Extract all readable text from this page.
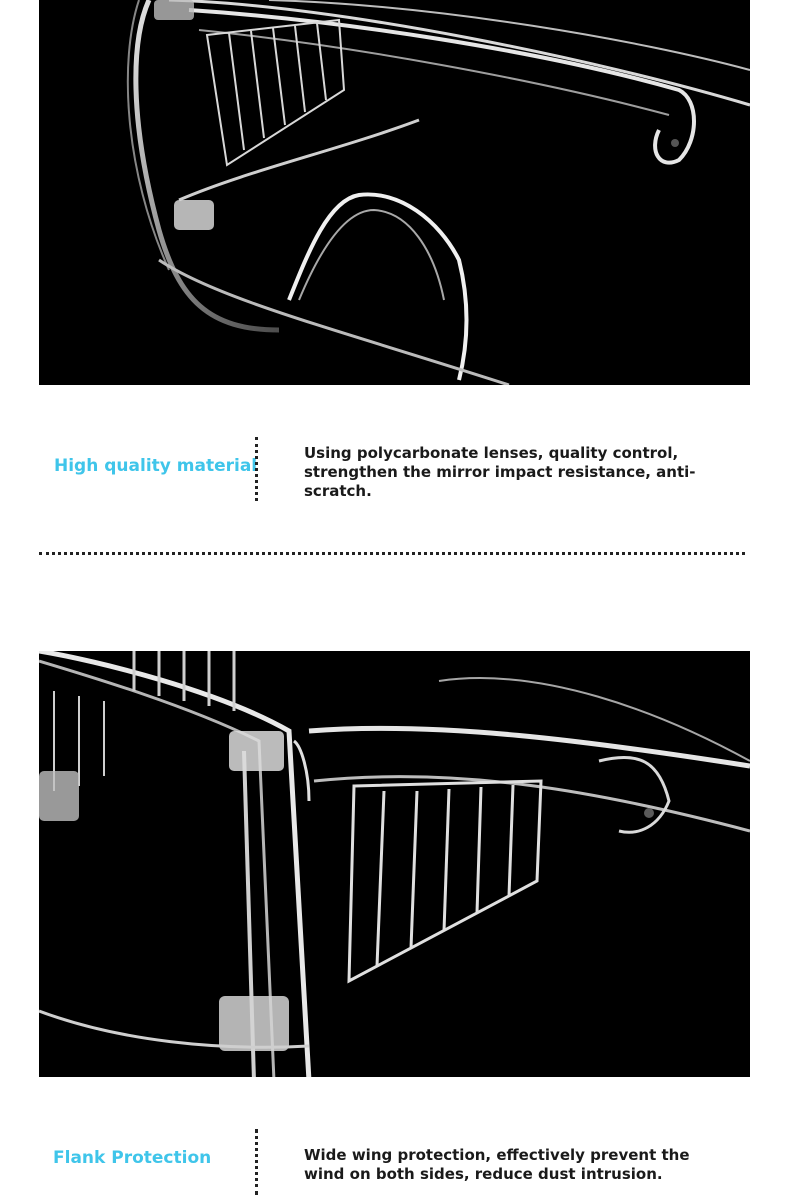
High quality material
Using polycarbonate lenses, quality control, strengthen the mirror impact resistance, anti-scratch.
Flank Protection	Wide wing protection, effectively prevent the wind on both sides, reduce dust intrusion.
